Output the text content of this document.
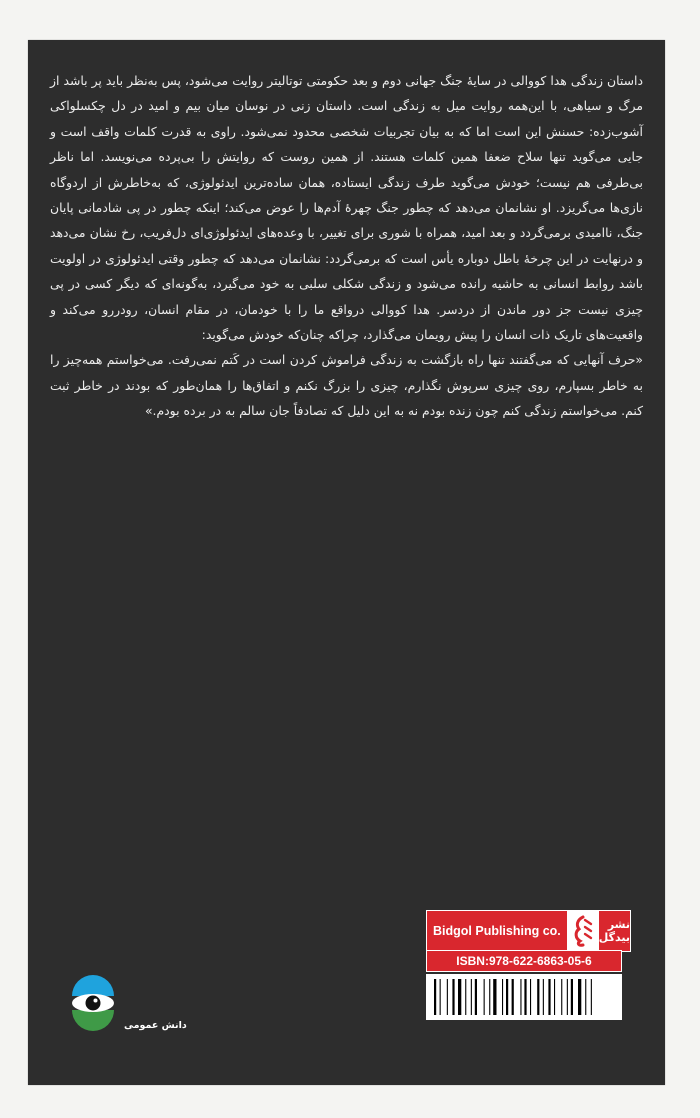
داستان زندگی هدا کووالی در سایهٔ جنگ جهانی دوم و بعد حکومتی توتالیتر روایت می‌شود، پس به‌نظر باید پر باشد از مرگ و سیاهی، با این‌همه روایت میل به زندگی است. داستان زنی در نوسان میان بیم و امید در دل چکسلواکی آشوب‌زده: حسنش این است اما که به بیان تجربیات شخصی محدود نمی‌شود. راوی به قدرت کلمات واقف است و جایی می‌گوید تنها سلاح ضعفا همین کلمات هستند. از همین روست که روایتش را بی‌پرده می‌نویسد. اما ناظر بی‌طرفی هم نیست؛ خودش می‌گوید طرف زندگی ایستاده، همان ساده‌ترین ایدئولوژی، که به‌خاطرش از اردوگاه نازی‌ها می‌گریزد. او نشانمان می‌دهد که چطور جنگ چهرهٔ آدم‌ها را عوض می‌کند؛ اینکه چطور در پی شادمانی پایان جنگ، ناامیدی برمی‌گردد و بعد امید، همراه با شوری برای تغییر، با وعده‌های ایدئولوژی‌ای دل‌فریب، رخ نشان می‌دهد و درنهایت در این چرخهٔ باطل دوباره یأس است که برمی‌گردد: نشانمان می‌دهد که چطور وقتی ایدئولوژی در اولویت باشد روابط انسانی به حاشیه رانده می‌شود و زندگی شکلی سلبی به خود می‌گیرد، به‌گونه‌ای که دیگر کسی در پی چیزی نیست جز دور ماندن از دردسر. هدا کووالی درواقع ما را با خودمان، در مقام انسان، رودررو می‌کند و واقعیت‌های تاریک ذات انسان را پیش رویمان می‌گذارد، چراکه چنان‌که خودش می‌گوید:

«حرف آنهایی که می‌گفتند تنها راه بازگشت به زندگی فراموش کردن است در کَتم نمی‌رفت. می‌خواستم همه‌چیز را به خاطر بسپارم، روی چیزی سرپوش نگذارم، چیزی را بزرگ نکنم و اتفاق‌ها را همان‌طور که بودند در خاطر ثبت کنم. می‌خواستم زندگی کنم چون زنده بودم نه به این دلیل که تصادفاً جان سالم به در برده بودم.»

دانش عمومی
Bidgol Publishing co.	نشر بیدگل
ISBN:978-622-6863-05-6
